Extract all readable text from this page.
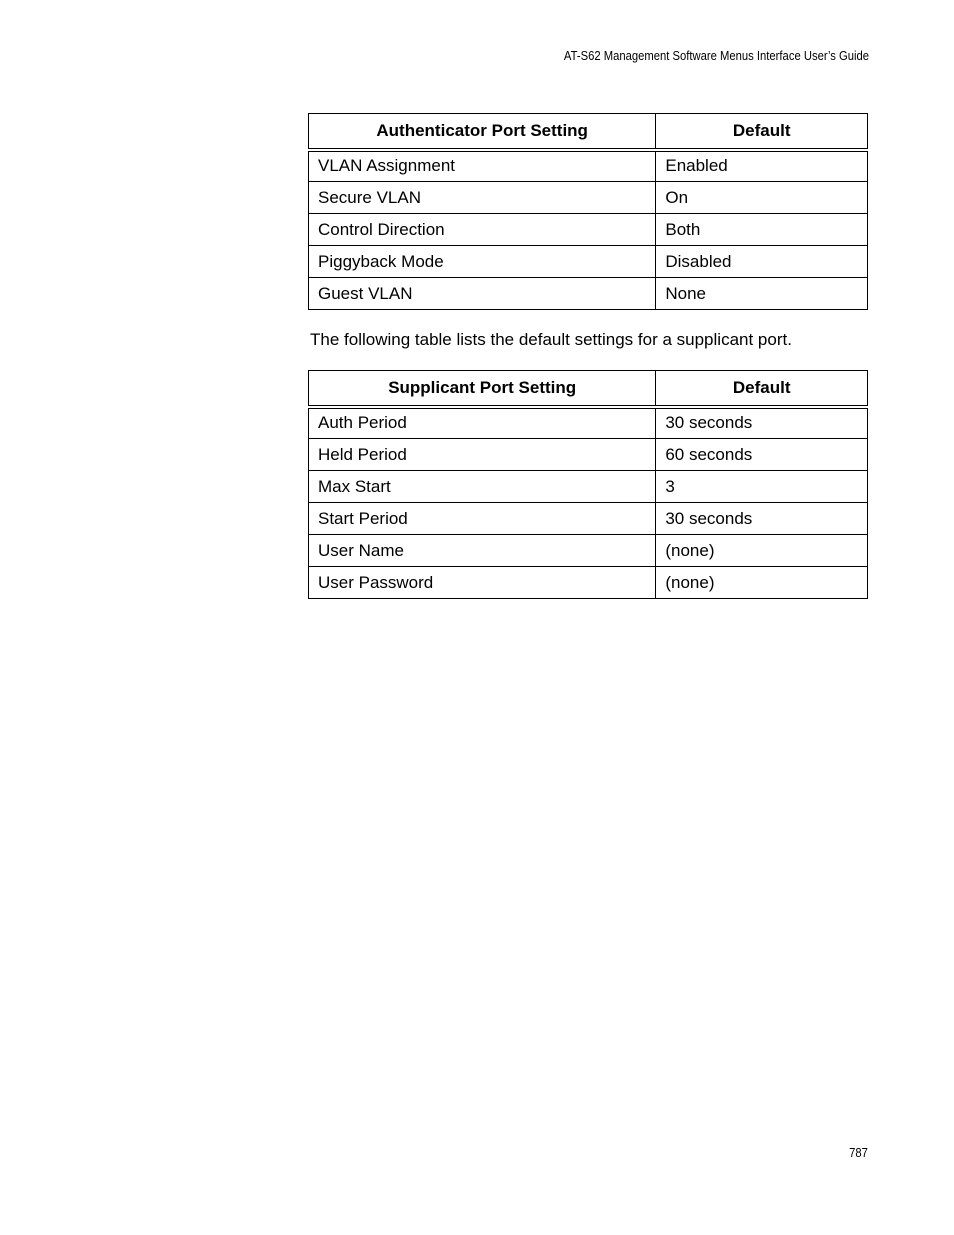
AT-S62 Management Software Menus Interface User’s Guide
Authenticator Port Setting	Default
VLAN Assignment	Enabled
Secure VLAN	On
Control Direction	Both
Piggyback Mode	Disabled
Guest VLAN	None
The following table lists the default settings for a supplicant port.
Supplicant Port Setting	Default
Auth Period	30 seconds
Held Period	60 seconds
Max Start	3
Start Period	30 seconds
User Name	(none)
User Password	(none)
787
